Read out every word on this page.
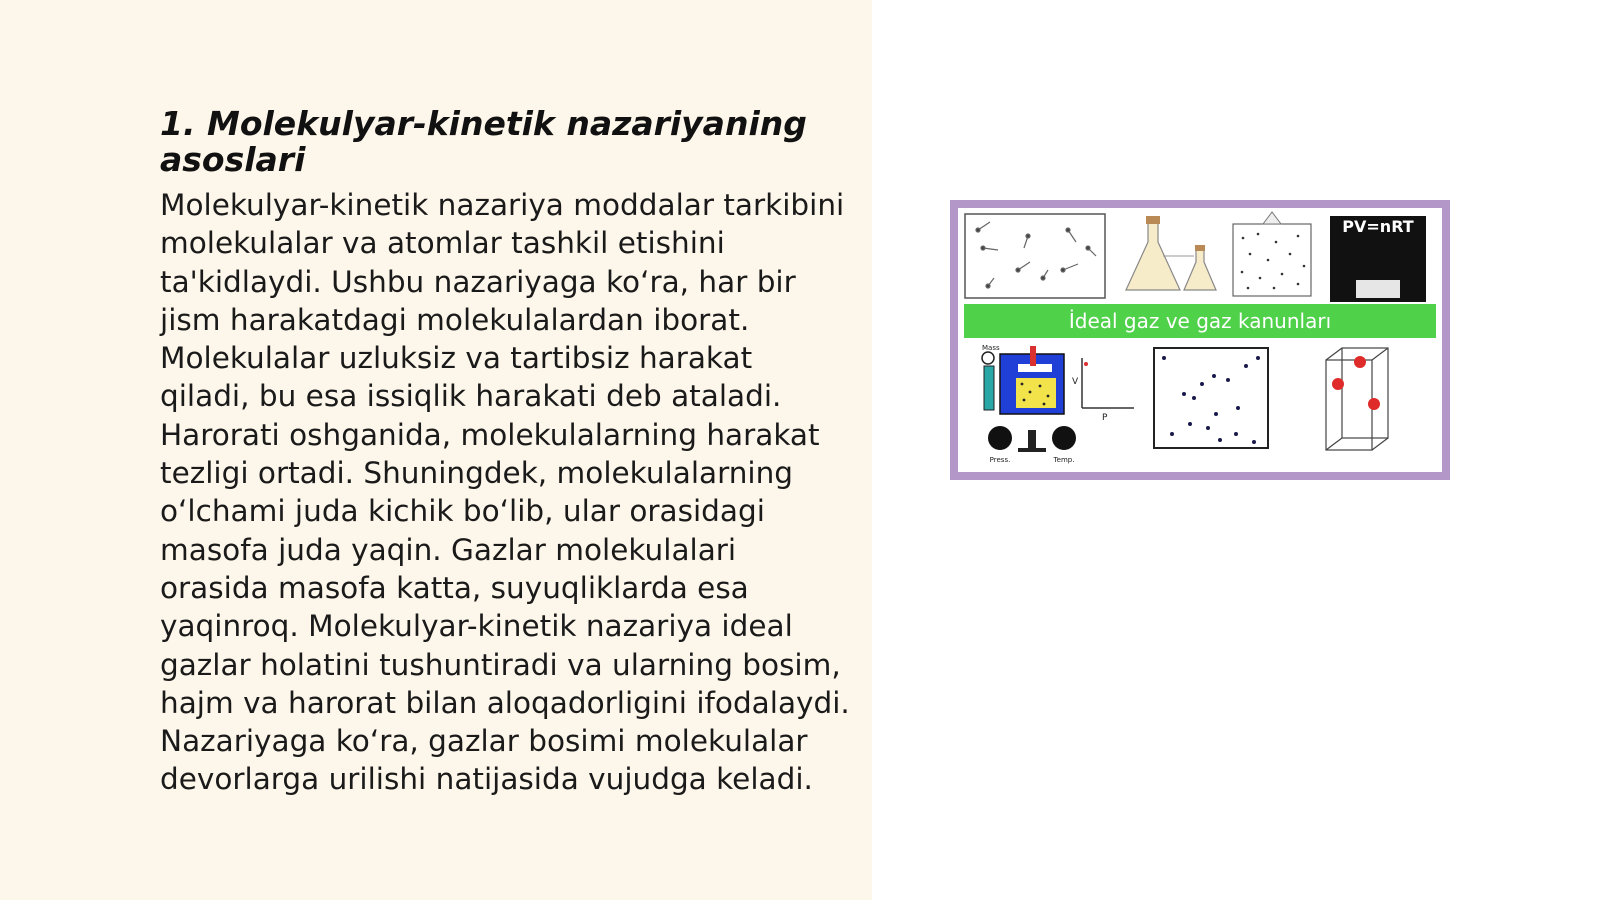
1. Molekulyar-kinetik nazariyaning asoslari

Molekulyar-kinetik nazariya moddalar tarkibini molekulalar va atomlar tashkil etishini ta'kidlaydi. Ushbu nazariyaga ko‘ra, har bir jism harakatdagi molekulalardan iborat. Molekulalar uzluksiz va tartibsiz harakat qiladi, bu esa issiqlik harakati deb ataladi. Harorati oshganida, molekulalarning harakat tezligi ortadi. Shuningdek, molekulalarning o‘lchami juda kichik bo‘lib, ular orasidagi masofa juda yaqin. Gazlar molekulalari orasida masofa katta, suyuqliklarda esa yaqinroq. Molekulyar-kinetik nazariya ideal gazlar holatini tushuntiradi va ularning bosim, hajm va harorat bilan aloqadorligini ifodalaydi. Nazariyaga ko‘ra, gazlar bosimi molekulalar devorlarga urilishi natijasida vujudga keladi.

PV=nRT
İdeal gaz ve gaz kanunları
Mass
Press.	Temp.
V
P
